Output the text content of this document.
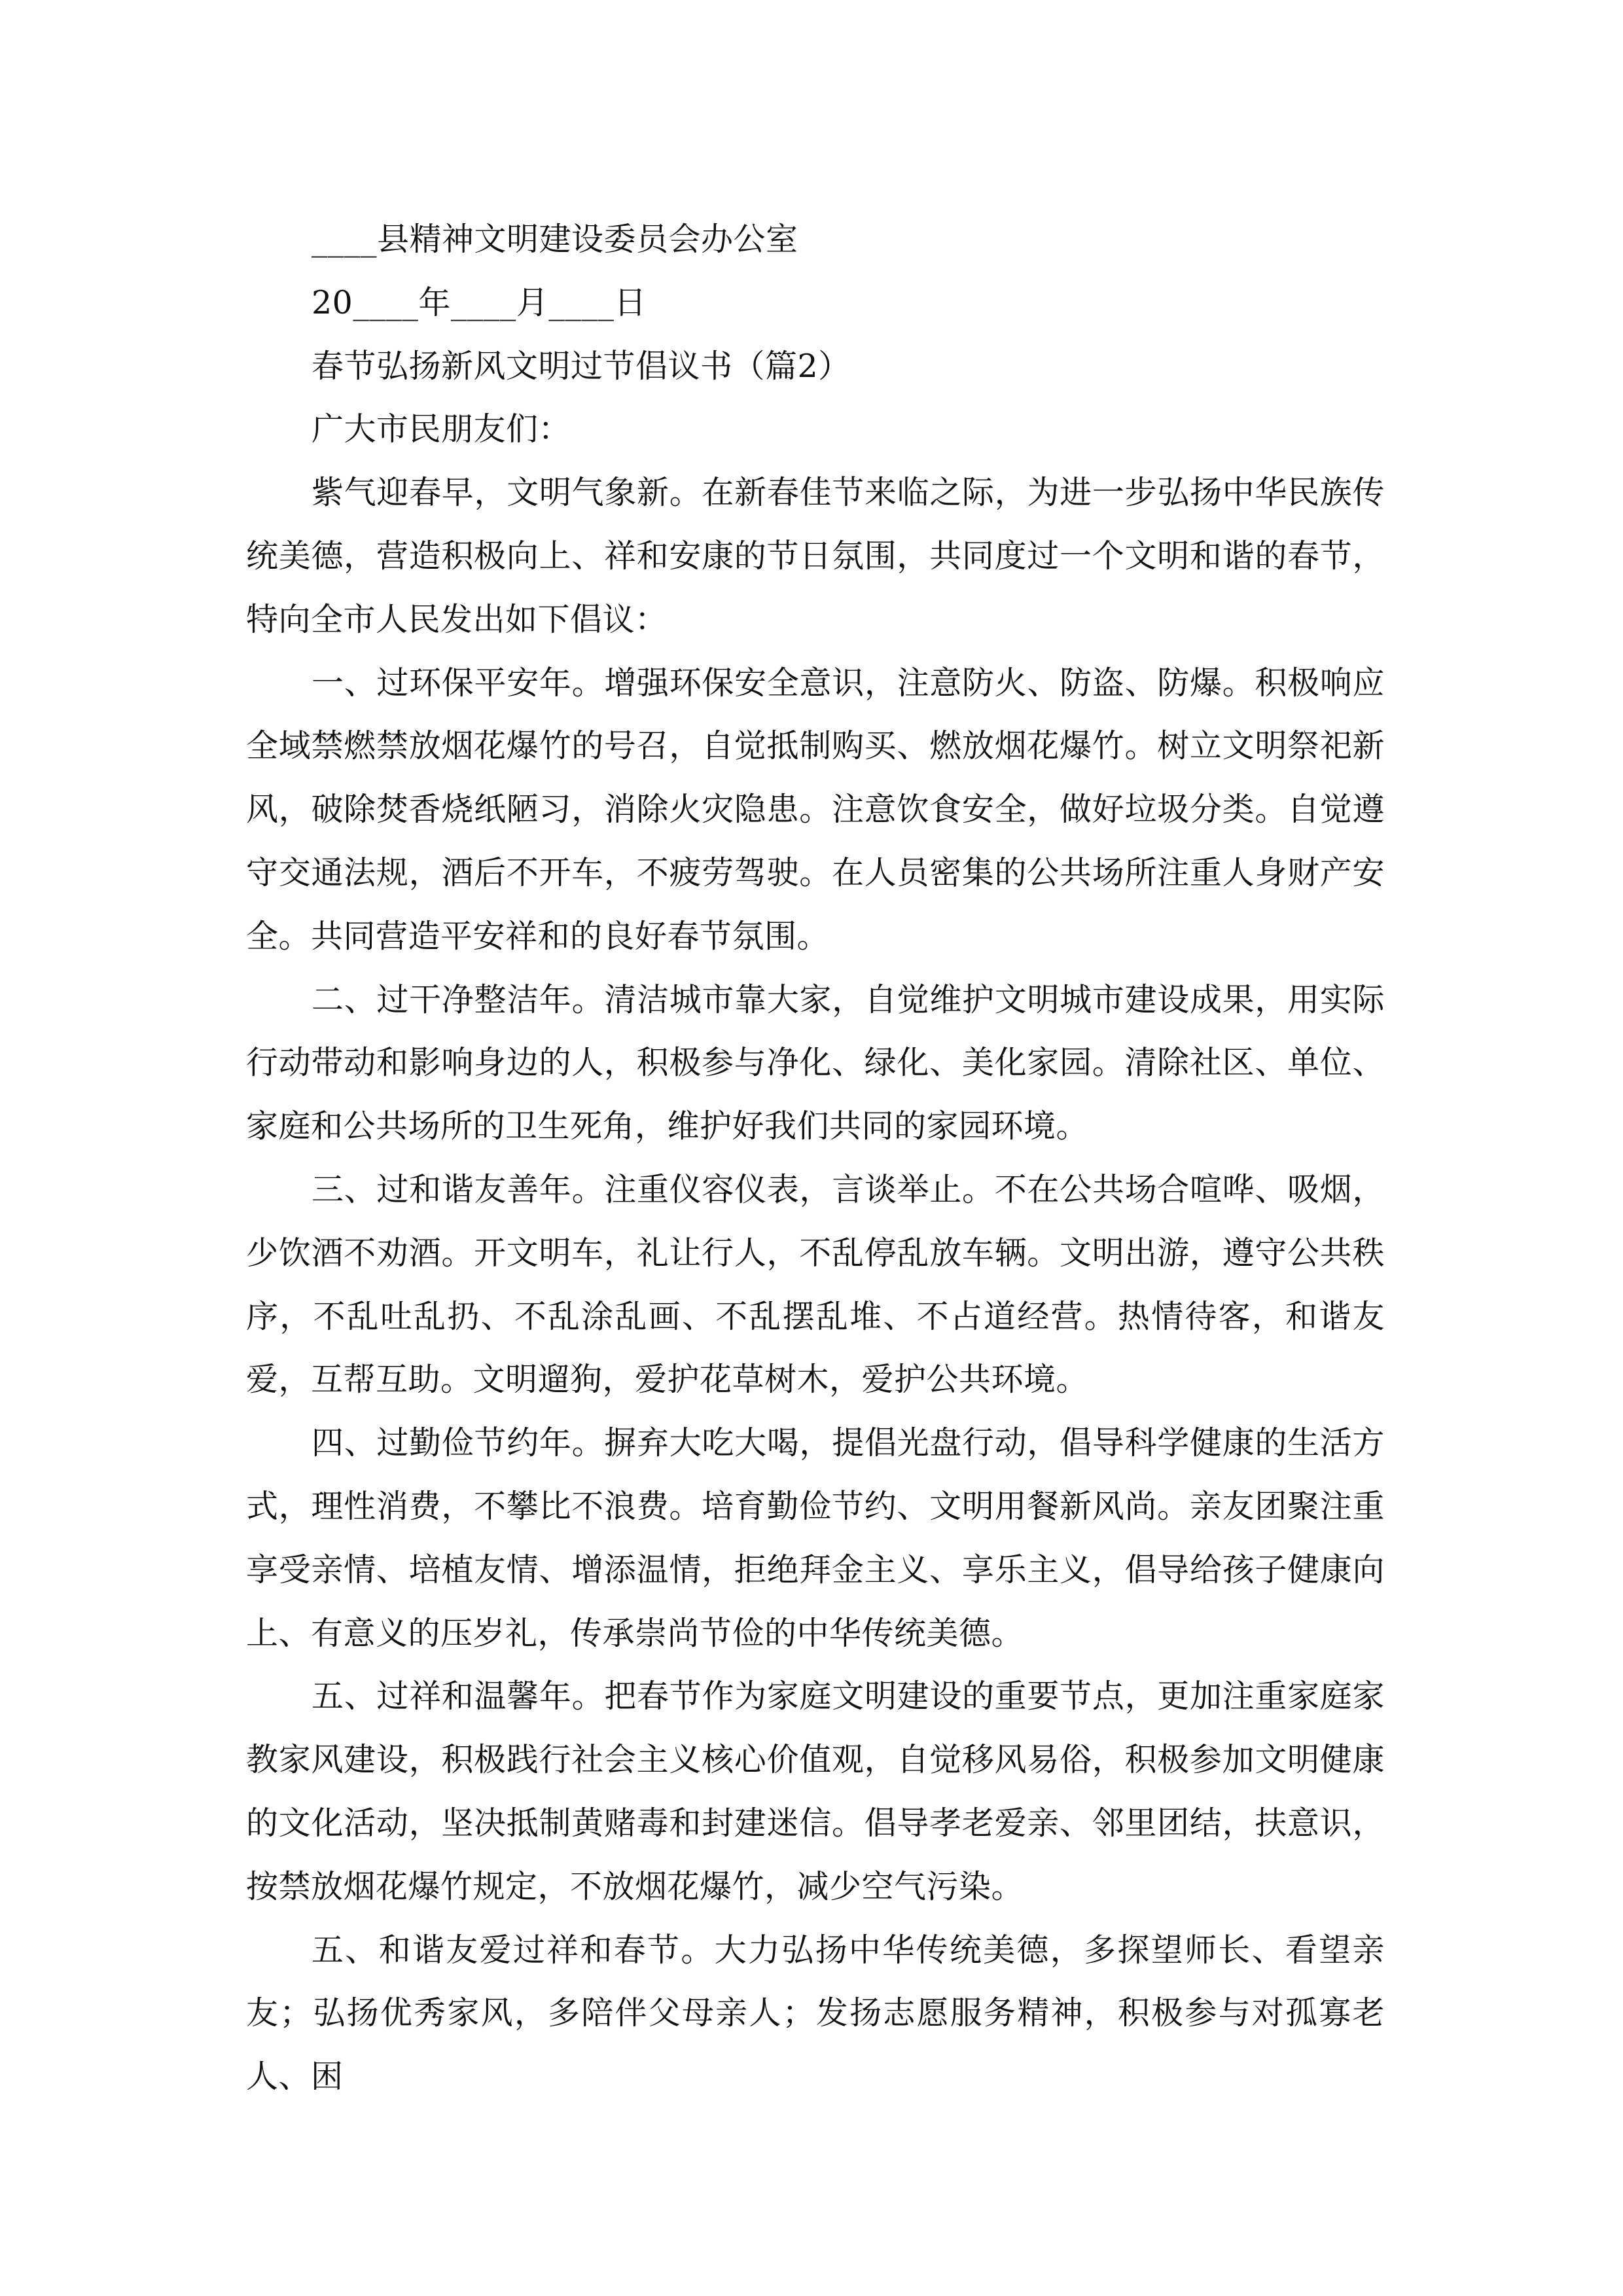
____县精神文明建设委员会办公室
20____年____月____日
春节弘扬新风文明过节倡议书（篇2）
广大市民朋友们：

紫气迎春早，文明气象新。在新春佳节来临之际，为进一步弘扬中华民族传统美德，营造积极向上、祥和安康的节日氛围，共同度过一个文明和谐的春节，特向全市人民发出如下倡议：

一、过环保平安年。增强环保安全意识，注意防火、防盗、防爆。积极响应全域禁燃禁放烟花爆竹的号召，自觉抵制购买、燃放烟花爆竹。树立文明祭祀新风，破除焚香烧纸陋习，消除火灾隐患。注意饮食安全，做好垃圾分类。自觉遵守交通法规，酒后不开车，不疲劳驾驶。在人员密集的公共场所注重人身财产安全。共同营造平安祥和的良好春节氛围。

二、过干净整洁年。清洁城市靠大家，自觉维护文明城市建设成果，用实际行动带动和影响身边的人，积极参与净化、绿化、美化家园。清除社区、单位、家庭和公共场所的卫生死角，维护好我们共同的家园环境。

三、过和谐友善年。注重仪容仪表，言谈举止。不在公共场合喧哗、吸烟，少饮酒不劝酒。开文明车，礼让行人，不乱停乱放车辆。文明出游，遵守公共秩序，不乱吐乱扔、不乱涂乱画、不乱摆乱堆、不占道经营。热情待客，和谐友爱，互帮互助。文明遛狗，爱护花草树木，爱护公共环境。

四、过勤俭节约年。摒弃大吃大喝，提倡光盘行动，倡导科学健康的生活方式，理性消费，不攀比不浪费。培育勤俭节约、文明用餐新风尚。亲友团聚注重享受亲情、培植友情、增添温情，拒绝拜金主义、享乐主义，倡导给孩子健康向上、有意义的压岁礼，传承崇尚节俭的中华传统美德。

五、过祥和温馨年。把春节作为家庭文明建设的重要节点，更加注重家庭家教家风建设，积极践行社会主义核心价值观，自觉移风易俗，积极参加文明健康的文化活动，坚决抵制黄赌毒和封建迷信。倡导孝老爱亲、邻里团结，扶意识，按禁放烟花爆竹规定，不放烟花爆竹，减少空气污染。

五、和谐友爱过祥和春节。大力弘扬中华传统美德，多探望师长、看望亲友；弘扬优秀家风，多陪伴父母亲人；发扬志愿服务精神，积极参与对孤寡老人、困
